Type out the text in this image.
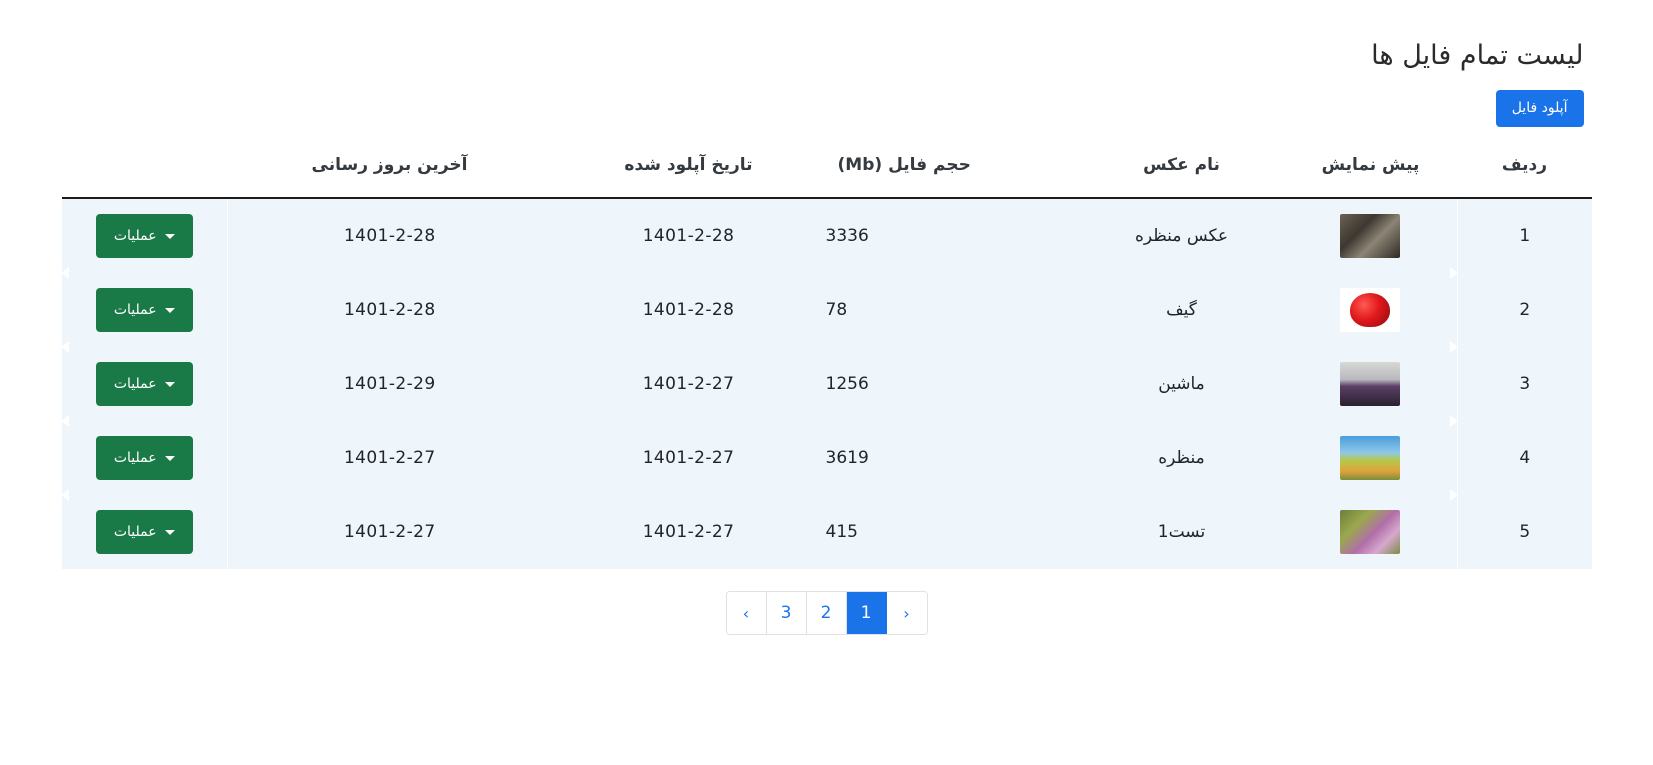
لیست تمام فایل ها
آپلود فایل
ردیف	پیش نمایش	نام عکس	حجم فایل (Mb)	تاریخ آپلود شده	آخرین بروز رسانی	
1		عکس منظره	3336	1401-2-28	1401-2-28	عملیات

2		گیف	78	1401-2-28	1401-2-28	عملیات

3		ماشین	1256	1401-2-27	1401-2-29	عملیات

4		منظره	3619	1401-2-27	1401-2-27	عملیات

5		تست1	415	1401-2-27	1401-2-27	عملیات
‹	3	2	1	›
